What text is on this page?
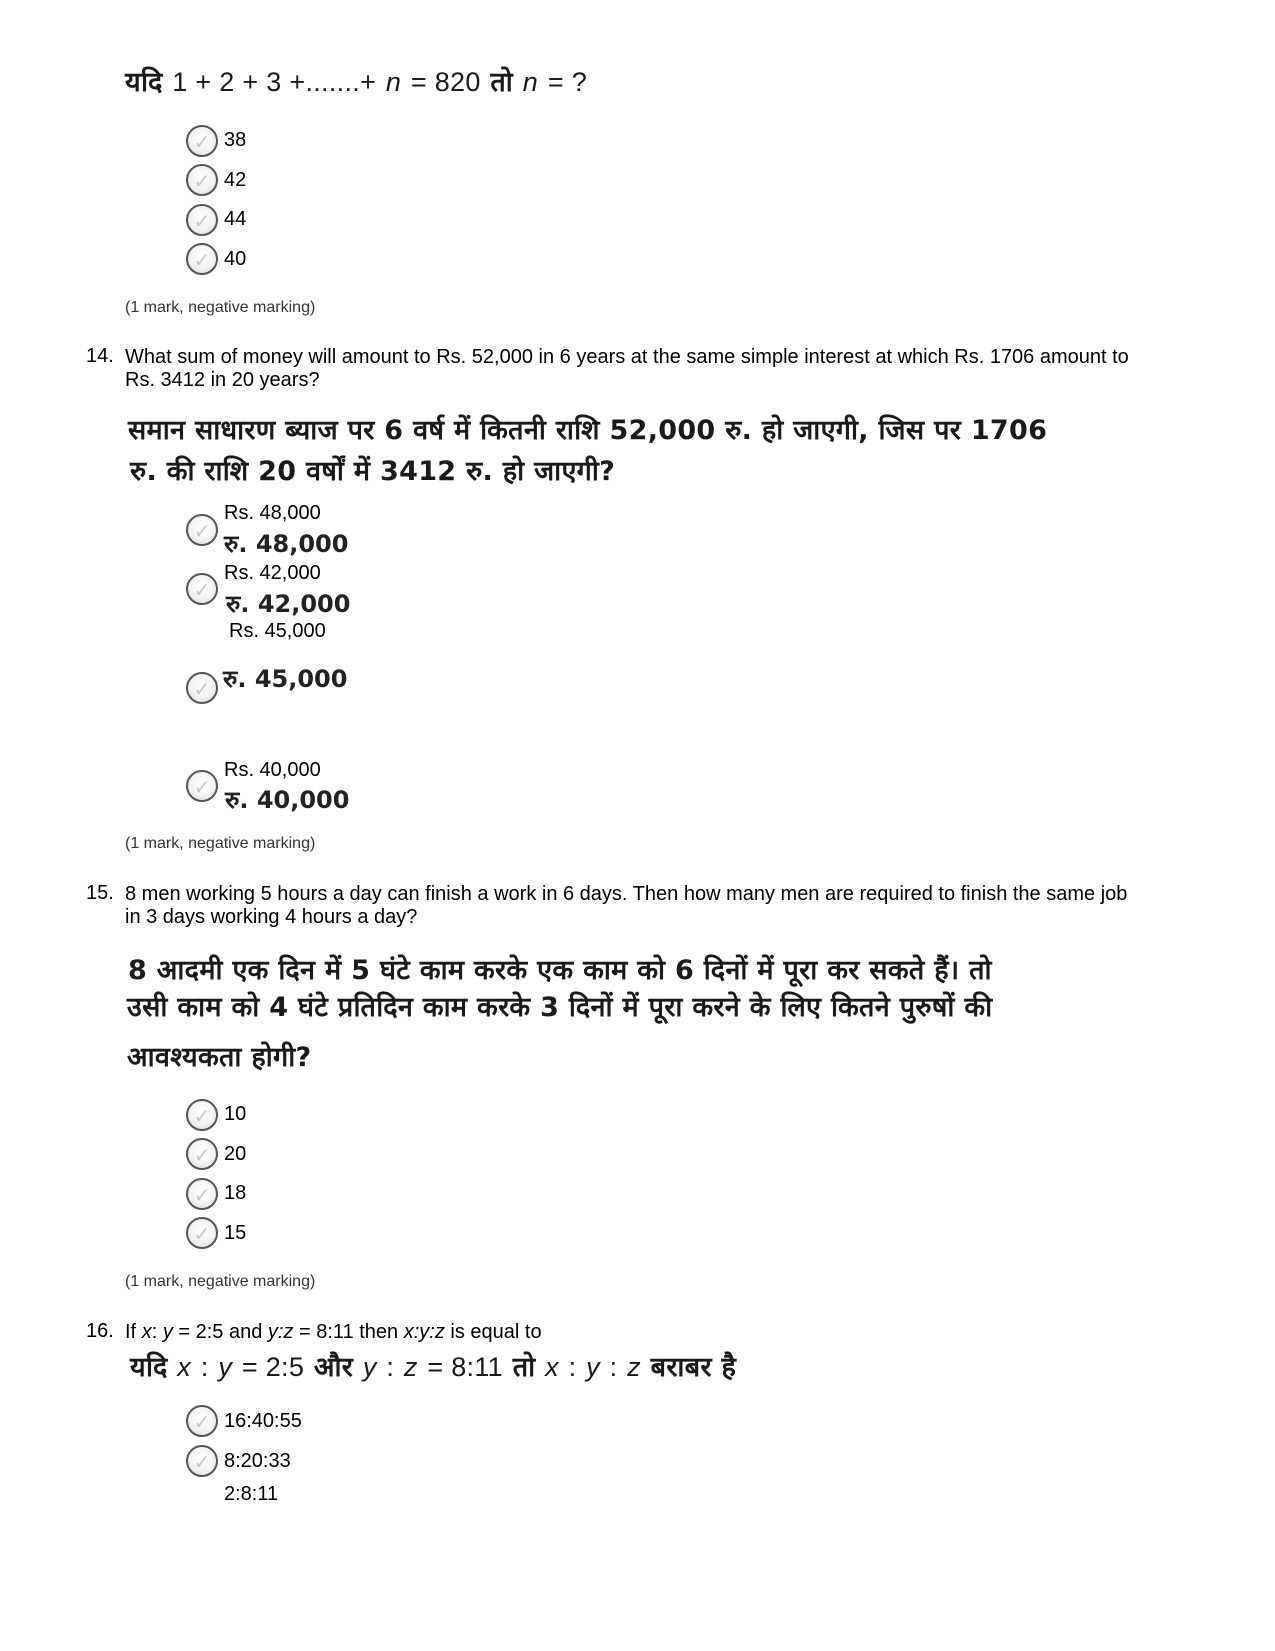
यदि 1 + 2 + 3 +.......+ n = 820 तो n = ?
✓ 38
✓ 42
✓ 44
✓ 40
(1 mark, negative marking)
14. What sum of money will amount to Rs. 52,000 in 6 years at the same simple interest at which Rs. 1706 amount to
Rs. 3412 in 20 years?
समान साधारण ब्याज पर 6 वर्ष में कितनी राशि 52,000 रु. हो जाएगी, जिस पर 1706
रु. की राशि 20 वर्षों में 3412 रु. हो जाएगी?
✓
Rs. 48,000
रु. 48,000
✓
Rs. 42,000
रु. 42,000
Rs. 45,000
✓ रु. 45,000
✓
Rs. 40,000
रु. 40,000
(1 mark, negative marking)
15. 8 men working 5 hours a day can finish a work in 6 days. Then how many men are required to finish the same job
in 3 days working 4 hours a day?
8 आदमी एक दिन में 5 घंटे काम करके एक काम को 6 दिनों में पूरा कर सकते हैं। तो
उसी काम को 4 घंटे प्रतिदिन काम करके 3 दिनों में पूरा करने के लिए कितने पुरुषों की
आवश्यकता होगी?
✓ 10
✓ 20
✓ 18
✓ 15
(1 mark, negative marking)
16. If x: y = 2:5 and y:z = 8:11 then x:y:z is equal to
यदि x : y = 2:5 और y : z = 8:11 तो x : y : z बराबर है
✓ 16:40:55
✓ 8:20:33
2:8:11
